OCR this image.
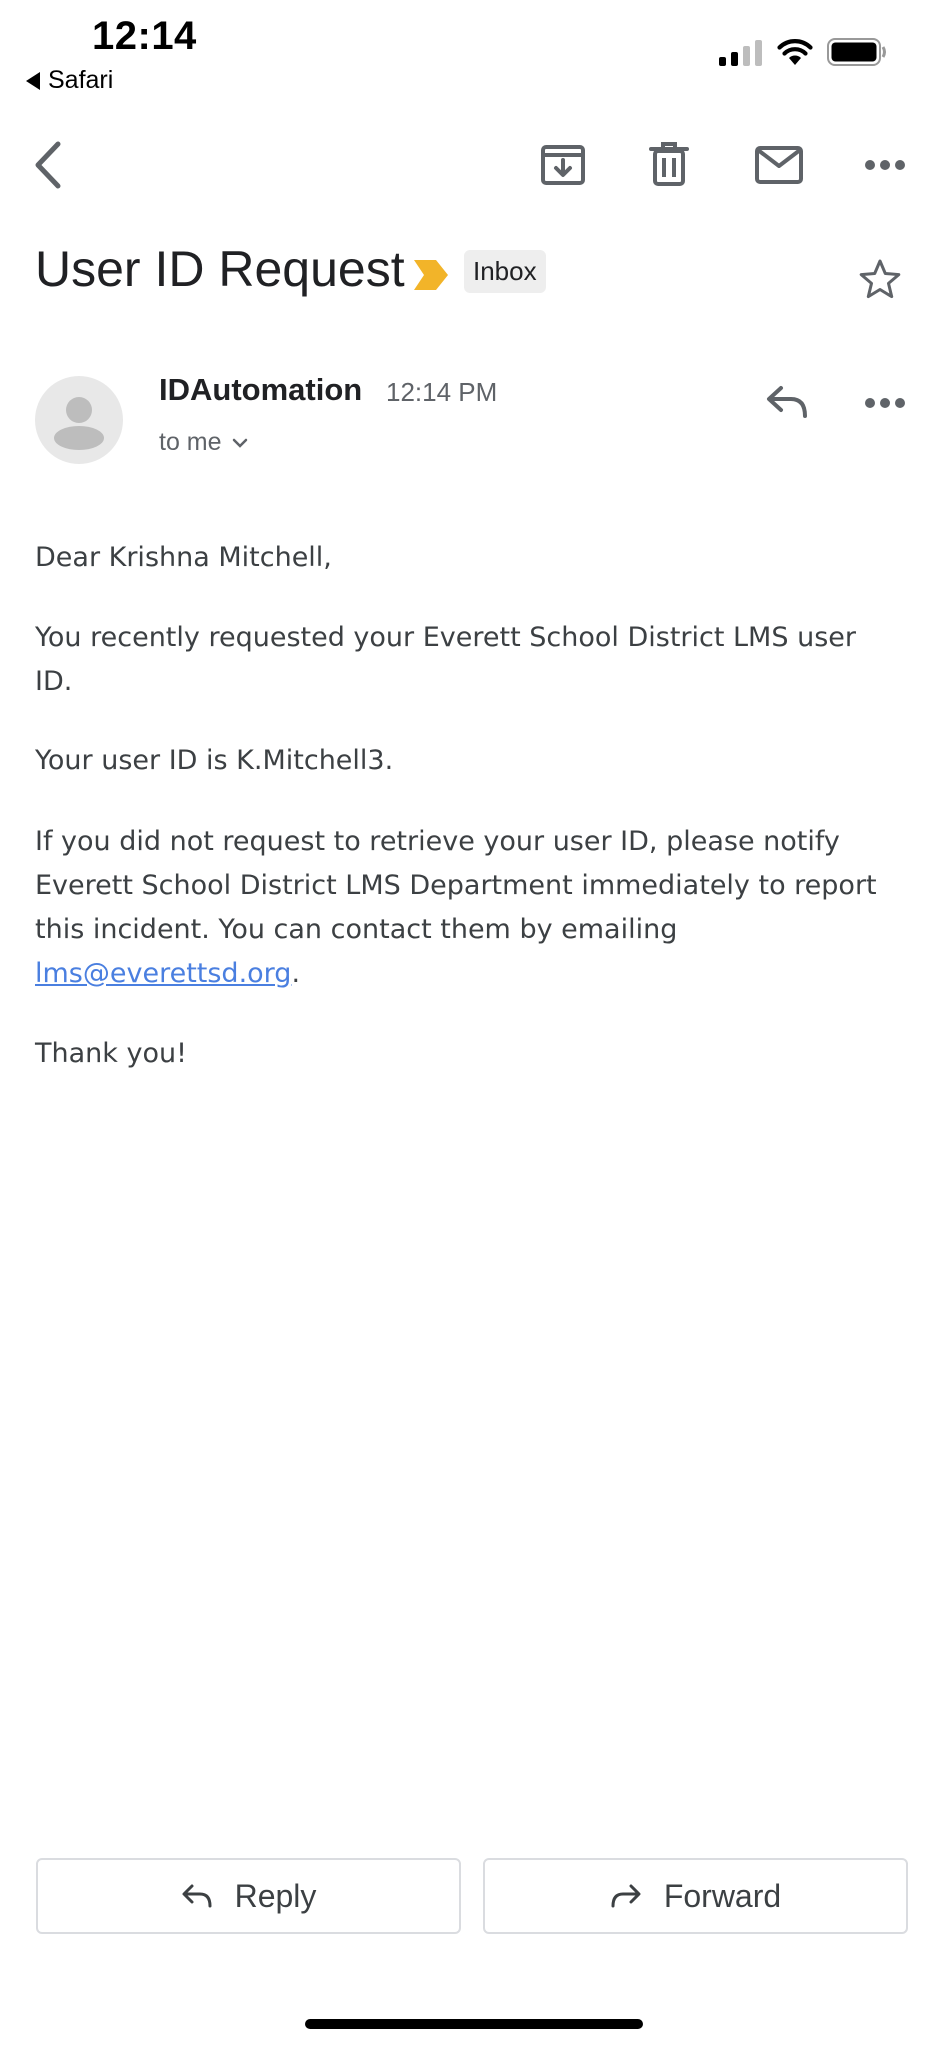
12:14
Safari
User ID Request	Inbox
IDAutomation 12:14 PM
to me
Dear Krishna Mitchell,
You recently requested your Everett School District LMS user ID.
Your user ID is K.Mitchell3.
If you did not request to retrieve your user ID, please notify Everett School District LMS Department immediately to report this incident. You can contact them by emailing lms@everettsd.org.
Thank you!
Reply	Forward
